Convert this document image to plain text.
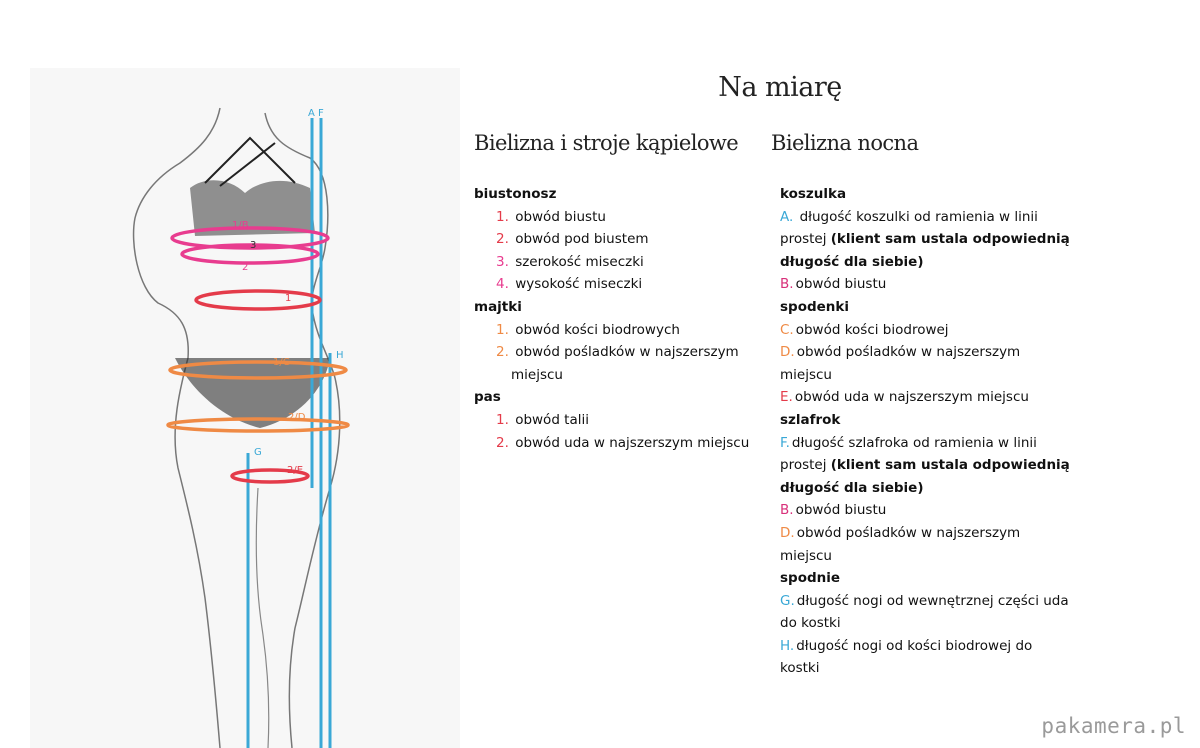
A F
1/B
3
2
1
H
1/C
2/D
G
2/E
Na miarę
Bielizna i stroje kąpielowe Bielizna nocna
biustonosz
1. obwód biustu
2. obwód pod biustem
3. szerokość miseczki
4. wysokość miseczki
majtki
1. obwód kości biodrowych
2. obwód pośladków w najszerszym
miejscu
pas
1. obwód talii
2. obwód uda w najszerszym miejscu
koszulka
A. długość koszulki od ramienia w linii
prostej (klient sam ustala odpowiednią
długość dla siebie)
B. obwód biustu
spodenki
C. obwód kości biodrowej
D. obwód pośladków w najszerszym
miejscu
E. obwód uda w najszerszym miejscu
szlafrok
F. długość szlafroka od ramienia w linii
prostej (klient sam ustala odpowiednią
długość dla siebie)
B. obwód biustu
D. obwód pośladków w najszerszym
miejscu
spodnie
G. długość nogi od wewnętrznej części uda
do kostki
H. długość nogi od kości biodrowej do
kostki
pakamera.pl
